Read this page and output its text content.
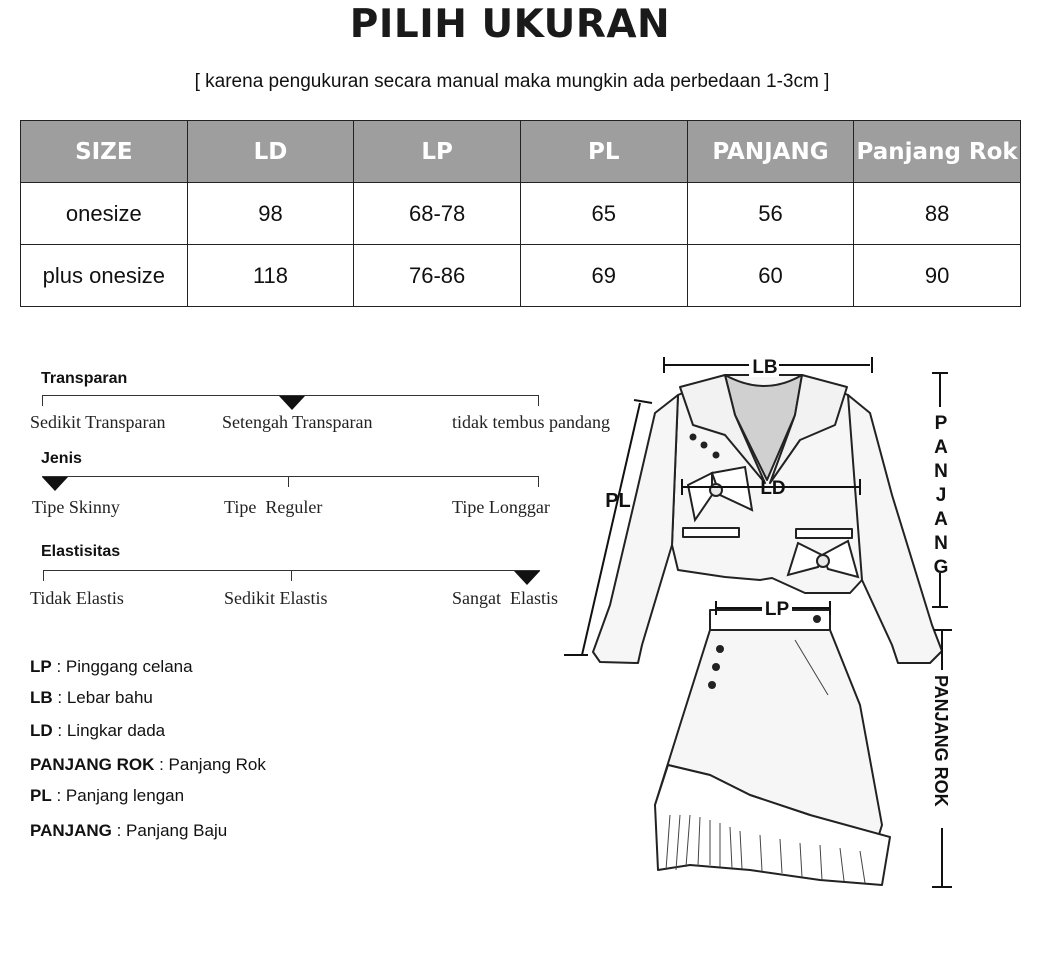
PILIH UKURAN
[ karena pengukuran secara manual maka mungkin ada perbedaan 1-3cm ]
SIZE	LD	LP	PL	PANJANG	Panjang Rok
onesize	98	68-78	65	56	88
plus onesize	118	76-86	69	60	90
Transparan
Sedikit Transparan	Setengah Transparan	tidak tembus pandang
Jenis
Tipe Skinny	Tipe  Reguler	Tipe Longgar
Elastisitas
Tidak Elastis	Sedikit Elastis	Sangat  Elastis
LP : Pinggang celana
LB : Lebar bahu
LD : Lingkar dada
PANJANG ROK : Panjang Rok
PL : Panjang lengan
PANJANG : Panjang Baju
LB
LD
PL
LP
P
A
N
J
A
N
G
PANJANG ROK
